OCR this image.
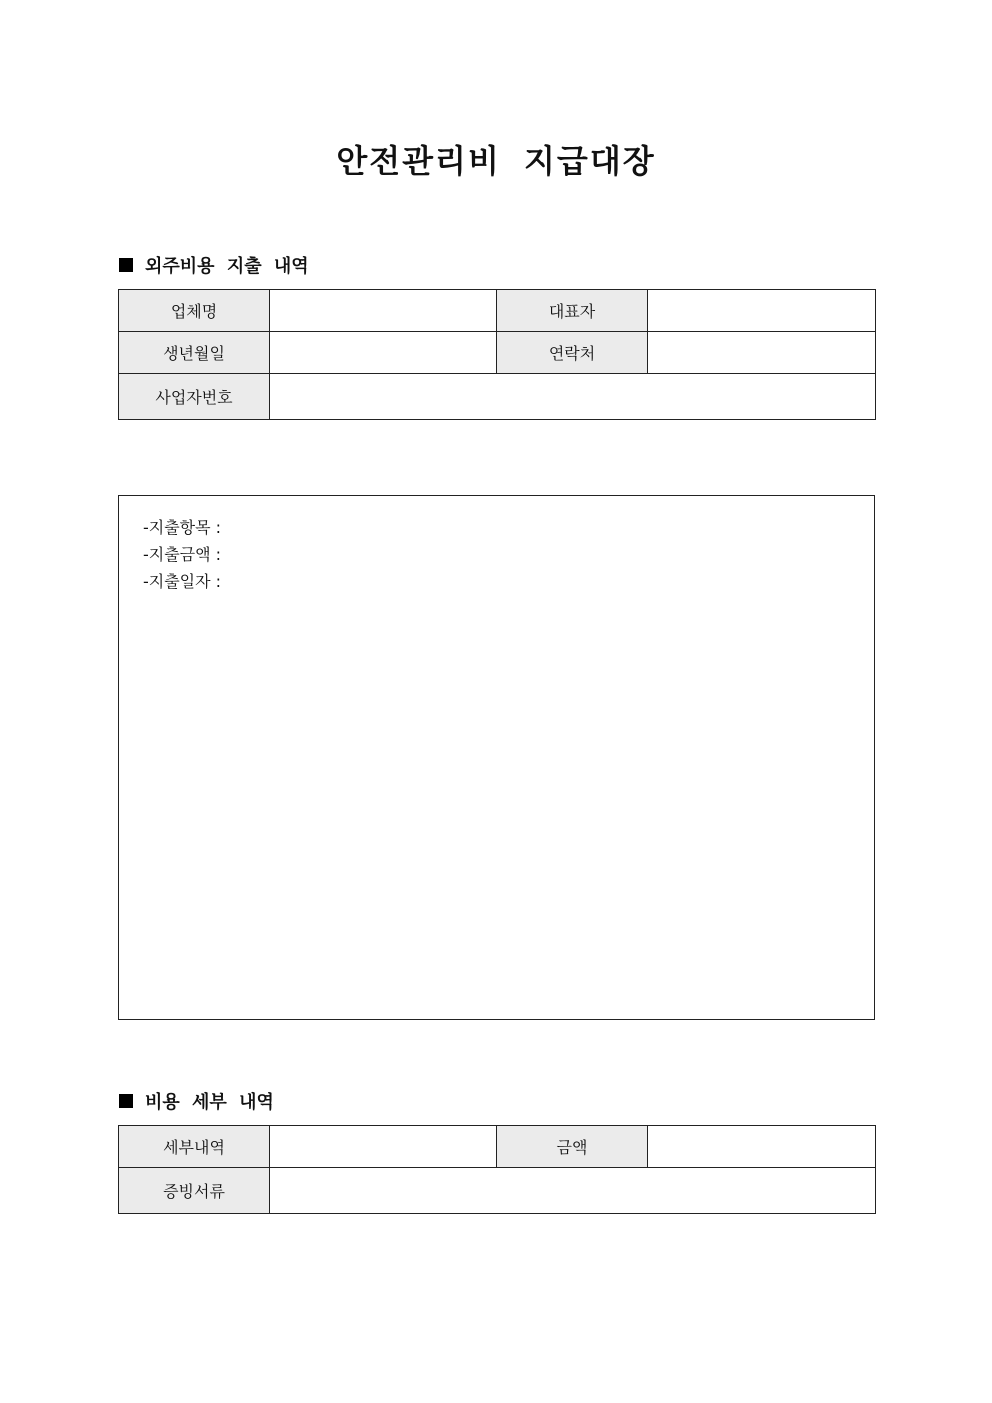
안전관리비 지급대장
외주비용 지출 내역
업체명		대표자	
생년월일		연락처	
사업자번호			
-지출항목 :
-지출금액 :
-지출일자 :
비용 세부 내역
세부내역		금액	
증빙서류			
